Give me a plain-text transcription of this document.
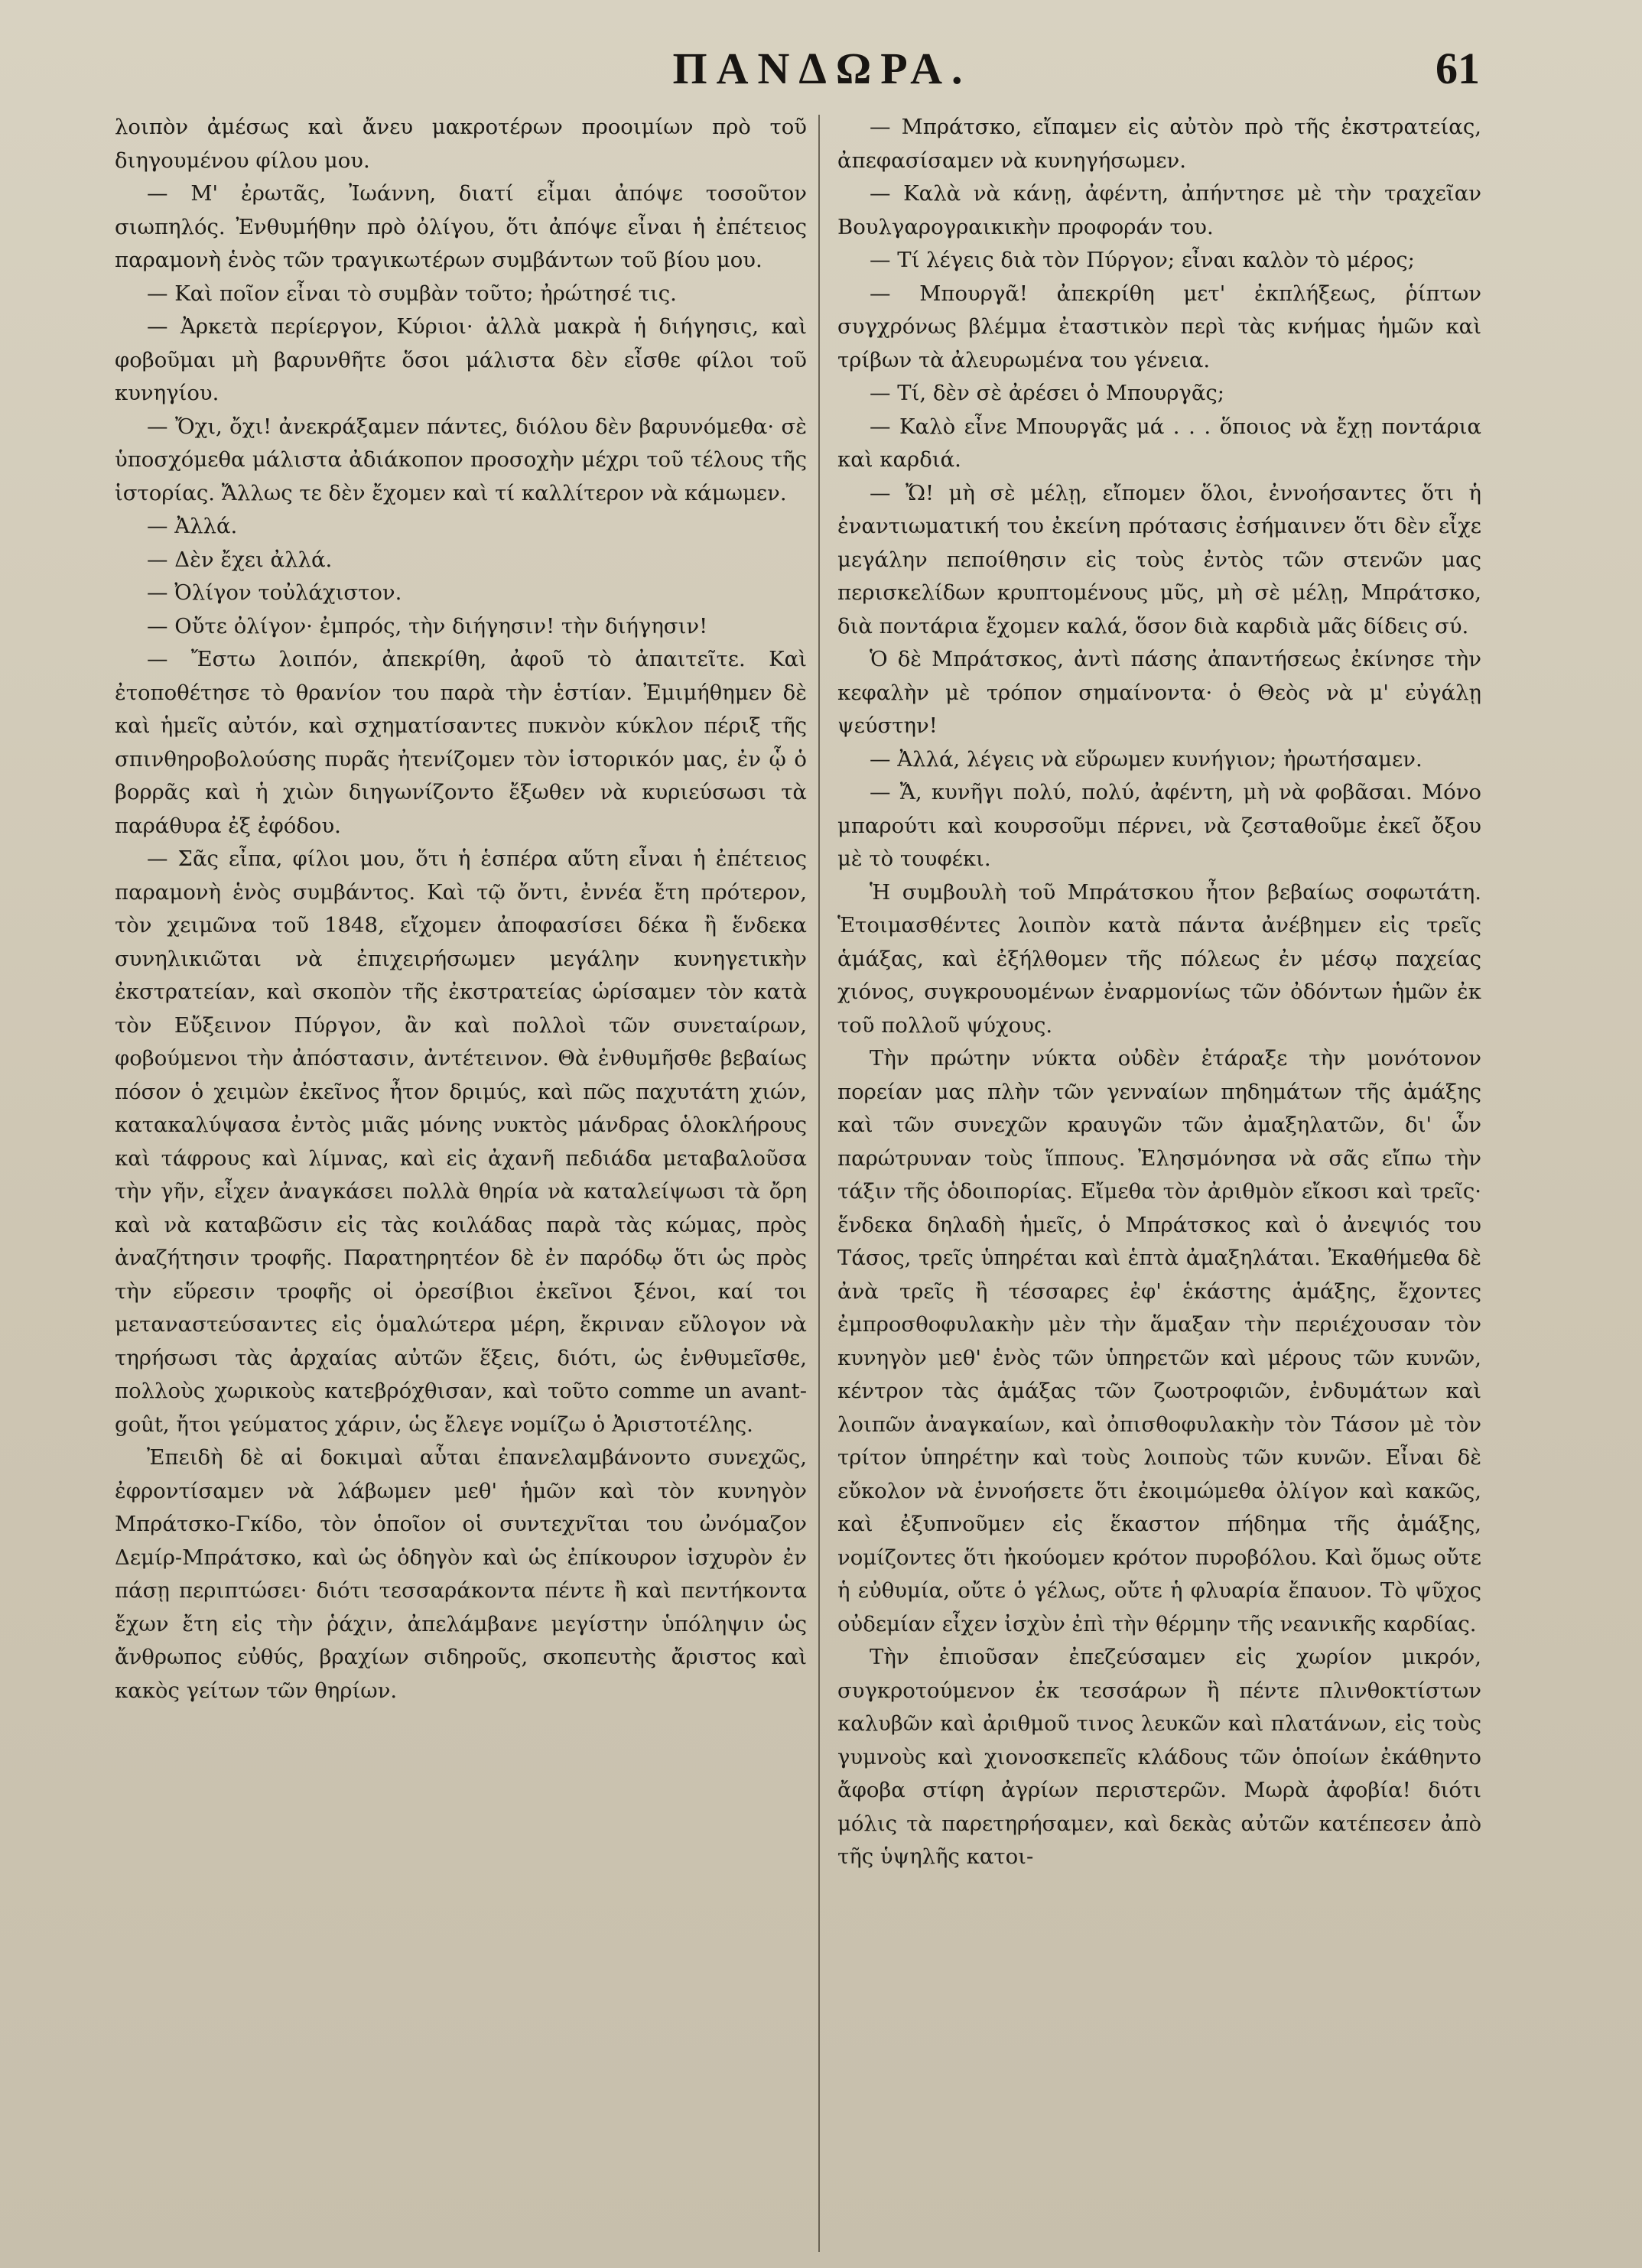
ΠΑΝΔΩΡΑ.	61

λοιπὸν ἀμέσως καὶ ἄνευ μακροτέρων προοιμίων πρὸ τοῦ διηγουμένου φίλου μου.

— Μ' ἐρωτᾶς, Ἰωάννη, διατί εἶμαι ἀπόψε τοσοῦτον σιωπηλός. Ἐνθυμήθην πρὸ ὀλίγου, ὅτι ἀπόψε εἶναι ἡ ἐπέτειος παραμονὴ ἑνὸς τῶν τραγικωτέρων συμβάντων τοῦ βίου μου.

— Καὶ ποῖον εἶναι τὸ συμβὰν τοῦτο; ἠρώτησέ τις.

— Ἀρκετὰ περίεργον, Κύριοι· ἀλλὰ μακρὰ ἡ διήγησις, καὶ φοβοῦμαι μὴ βαρυνθῆτε ὅσοι μάλιστα δὲν εἶσθε φίλοι τοῦ κυνηγίου.

— Ὄχι, ὄχι! ἀνεκράξαμεν πάντες, διόλου δὲν βαρυνόμεθα· σὲ ὑποσχόμεθα μάλιστα ἀδιάκοπον προσοχὴν μέχρι τοῦ τέλους τῆς ἱστορίας. Ἄλλως τε δὲν ἔχομεν καὶ τί καλλίτερον νὰ κάμωμεν.

— Ἀλλά.

— Δὲν ἔχει ἀλλά.

— Ὀλίγον τοὐλάχιστον.

— Οὔτε ὀλίγον· ἐμπρός, τὴν διήγησιν! τὴν διήγησιν!

— Ἔστω λοιπόν, ἀπεκρίθη, ἀφοῦ τὸ ἀπαιτεῖτε. Καὶ ἐτοποθέτησε τὸ θρανίον του παρὰ τὴν ἑστίαν. Ἐμιμήθημεν δὲ καὶ ἡμεῖς αὐτόν, καὶ σχηματίσαντες πυκνὸν κύκλον πέριξ τῆς σπινθηροβολούσης πυρᾶς ἠτενίζομεν τὸν ἱστορικόν μας, ἐν ᾧ ὁ βορρᾶς καὶ ἡ χιὼν διηγωνίζοντο ἔξωθεν νὰ κυριεύσωσι τὰ παράθυρα ἐξ ἐφόδου.

— Σᾶς εἶπα, φίλοι μου, ὅτι ἡ ἑσπέρα αὕτη εἶναι ἡ ἐπέτειος παραμονὴ ἑνὸς συμβάντος. Καὶ τῷ ὄντι, ἐννέα ἔτη πρότερον, τὸν χειμῶνα τοῦ 1848, εἴχομεν ἀποφασίσει δέκα ἢ ἕνδεκα συνηλικιῶται νὰ ἐπιχειρήσωμεν μεγάλην κυνηγετικὴν ἐκστρατείαν, καὶ σκοπὸν τῆς ἐκστρατείας ὡρίσαμεν τὸν κατὰ τὸν Εὔξεινον Πύργον, ἂν καὶ πολλοὶ τῶν συνεταίρων, φοβούμενοι τὴν ἀπόστασιν, ἀντέτεινον. Θὰ ἐνθυμῆσθε βεβαίως πόσον ὁ χειμὼν ἐκεῖνος ἦτον δριμύς, καὶ πῶς παχυτάτη χιών, κατακαλύψασα ἐντὸς μιᾶς μόνης νυκτὸς μάνδρας ὁλοκλήρους καὶ τάφρους καὶ λίμνας, καὶ εἰς ἀχανῆ πεδιάδα μεταβαλοῦσα τὴν γῆν, εἶχεν ἀναγκάσει πολλὰ θηρία νὰ καταλείψωσι τὰ ὄρη καὶ νὰ καταβῶσιν εἰς τὰς κοιλάδας παρὰ τὰς κώμας, πρὸς ἀναζήτησιν τροφῆς. Παρατηρητέον δὲ ἐν παρόδῳ ὅτι ὡς πρὸς τὴν εὕρεσιν τροφῆς οἱ ὀρεσίβιοι ἐκεῖνοι ξένοι, καί τοι μεταναστεύσαντες εἰς ὁμαλώτερα μέρη, ἔκριναν εὔλογον νὰ τηρήσωσι τὰς ἀρχαίας αὐτῶν ἕξεις, διότι, ὡς ἐνθυμεῖσθε, πολλοὺς χωρικοὺς κατεβρόχθισαν, καὶ τοῦτο comme un avant-goût, ἤτοι γεύματος χάριν, ὡς ἔλεγε νομίζω ὁ Ἀριστοτέλης.

Ἐπειδὴ δὲ αἱ δοκιμαὶ αὗται ἐπανελαμβάνοντο συνεχῶς, ἐφροντίσαμεν νὰ λάβωμεν μεθ' ἡμῶν καὶ τὸν κυνηγὸν Μπράτσκο-Γκίδο, τὸν ὁποῖον οἱ συντεχνῖται του ὠνόμαζον Δεμίρ-Μπράτσκο, καὶ ὡς ὁδηγὸν καὶ ὡς ἐπίκουρον ἰσχυρὸν ἐν πάσῃ περιπτώσει· διότι τεσσαράκοντα πέντε ἢ καὶ πεντήκοντα ἔχων ἔτη εἰς τὴν ῥάχιν, ἀπελάμβανε μεγίστην ὑπόληψιν ὡς ἄνθρωπος εὐθύς, βραχίων σιδηροῦς, σκοπευτὴς ἄριστος καὶ κακὸς γείτων τῶν θηρίων.

— Μπράτσκο, εἴπαμεν εἰς αὐτὸν πρὸ τῆς ἐκστρατείας, ἀπεφασίσαμεν νὰ κυνηγήσωμεν.

— Καλὰ νὰ κάνῃ, ἀφέντη, ἀπήντησε μὲ τὴν τραχεῖαν Βουλγαρογραικικὴν προφοράν του.

— Τί λέγεις διὰ τὸν Πύργον; εἶναι καλὸν τὸ μέρος;

— Μπουργᾶ! ἀπεκρίθη μετ' ἐκπλήξεως, ῥίπτων συγχρόνως βλέμμα ἐταστικὸν περὶ τὰς κνήμας ἡμῶν καὶ τρίβων τὰ ἀλευρωμένα του γένεια.

— Τί, δὲν σὲ ἀρέσει ὁ Μπουργᾶς;

— Καλὸ εἶνε Μπουργᾶς μά . . . ὅποιος νὰ ἔχῃ ποντάρια καὶ καρδιά.

— Ὤ! μὴ σὲ μέλῃ, εἴπομεν ὅλοι, ἐννοήσαντες ὅτι ἡ ἐναντιωματική του ἐκείνη πρότασις ἐσήμαινεν ὅτι δὲν εἶχε μεγάλην πεποίθησιν εἰς τοὺς ἐντὸς τῶν στενῶν μας περισκελίδων κρυπτομένους μῦς, μὴ σὲ μέλῃ, Μπράτσκο, διὰ ποντάρια ἔχομεν καλά, ὅσον διὰ καρδιὰ μᾶς δίδεις σύ.

Ὁ δὲ Μπράτσκος, ἀντὶ πάσης ἀπαντήσεως ἐκίνησε τὴν κεφαλὴν μὲ τρόπον σημαίνοντα· ὁ Θεὸς νὰ μ' εὐγάλῃ ψεύστην!

— Ἀλλά, λέγεις νὰ εὕρωμεν κυνήγιον; ἠρωτήσαμεν.

— Ἄ, κυνῆγι πολύ, πολύ, ἀφέντη, μὴ νὰ φοβᾶσαι. Μόνο μπαρούτι καὶ κουρσοῦμι πέρνει, νὰ ζεσταθοῦμε ἐκεῖ ὄξου μὲ τὸ τουφέκι.

Ἡ συμβουλὴ τοῦ Μπράτσκου ἦτον βεβαίως σοφωτάτη. Ἑτοιμασθέντες λοιπὸν κατὰ πάντα ἀνέβημεν εἰς τρεῖς ἁμάξας, καὶ ἐξήλθομεν τῆς πόλεως ἐν μέσῳ παχείας χιόνος, συγκρουομένων ἐναρμονίως τῶν ὀδόντων ἡμῶν ἐκ τοῦ πολλοῦ ψύχους.

Τὴν πρώτην νύκτα οὐδὲν ἐτάραξε τὴν μονότονον πορείαν μας πλὴν τῶν γενναίων πηδημάτων τῆς ἁμάξης καὶ τῶν συνεχῶν κραυγῶν τῶν ἀμαξηλατῶν, δι' ὧν παρώτρυναν τοὺς ἵππους. Ἐλησμόνησα νὰ σᾶς εἴπω τὴν τάξιν τῆς ὁδοιπορίας. Εἴμεθα τὸν ἀριθμὸν εἴκοσι καὶ τρεῖς· ἕνδεκα δηλαδὴ ἡμεῖς, ὁ Μπράτσκος καὶ ὁ ἀνεψιός του Τάσος, τρεῖς ὑπηρέται καὶ ἑπτὰ ἀμαξηλάται. Ἐκαθήμεθα δὲ ἀνὰ τρεῖς ἢ τέσσαρες ἐφ' ἑκάστης ἁμάξης, ἔχοντες ἐμπροσθοφυλακὴν μὲν τὴν ἅμαξαν τὴν περιέχουσαν τὸν κυνηγὸν μεθ' ἑνὸς τῶν ὑπηρετῶν καὶ μέρους τῶν κυνῶν, κέντρον τὰς ἁμάξας τῶν ζωοτροφιῶν, ἐνδυμάτων καὶ λοιπῶν ἀναγκαίων, καὶ ὀπισθοφυλακὴν τὸν Τάσον μὲ τὸν τρίτον ὑπηρέτην καὶ τοὺς λοιποὺς τῶν κυνῶν. Εἶναι δὲ εὔκολον νὰ ἐννοήσετε ὅτι ἐκοιμώμεθα ὀλίγον καὶ κακῶς, καὶ ἐξυπνοῦμεν εἰς ἕκαστον πήδημα τῆς ἁμάξης, νομίζοντες ὅτι ἠκούομεν κρότον πυροβόλου. Καὶ ὅμως οὔτε ἡ εὐθυμία, οὔτε ὁ γέλως, οὔτε ἡ φλυαρία ἔπαυον. Τὸ ψῦχος οὐδεμίαν εἶχεν ἰσχὺν ἐπὶ τὴν θέρμην τῆς νεανικῆς καρδίας.

Τὴν ἐπιοῦσαν ἐπεζεύσαμεν εἰς χωρίον μικρόν, συγκροτούμενον ἐκ τεσσάρων ἢ πέντε πλινθοκτίστων καλυβῶν καὶ ἀριθμοῦ τινος λευκῶν καὶ πλατάνων, εἰς τοὺς γυμνοὺς καὶ χιονοσκεπεῖς κλάδους τῶν ὁποίων ἐκάθηντο ἄφοβα στίφη ἀγρίων περιστερῶν. Μωρὰ ἀφοβία! διότι μόλις τὰ παρετηρήσαμεν, καὶ δεκὰς αὐτῶν κατέπεσεν ἀπὸ τῆς ὑψηλῆς κατοι-
